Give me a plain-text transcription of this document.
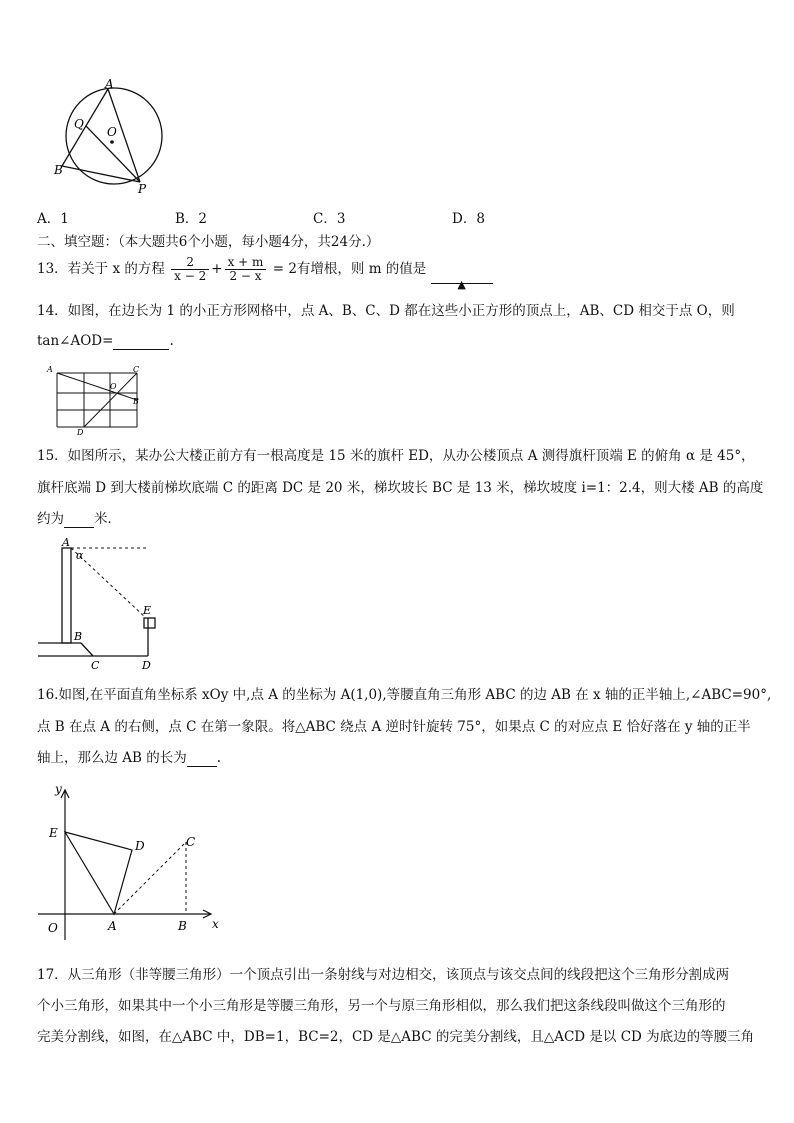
A
Q
O
B
P
A．1	B．2	C．3	D．8
二、填空题：（本大题共6个小题，每小题4分，共24分.）
13．若关于 x 的方程 $\frac{2}{x - 2} + \frac{x + m}{2 - x} = 2$有增根，则 m 的值是 ▲
14．如图，在边长为 1 的小正方形网格中，点 A、B、C、D 都在这些小正方形的顶点上，AB、CD 相交于点 O，则
tan∠AOD=	.
A	C
O
B
D
15．如图所示，某办公大楼正前方有一根高度是 15 米的旗杆 ED，从办公楼顶点 A 测得旗杆顶端 E 的俯角 α 是 45°，
旗杆底端 D 到大楼前梯坎底端 C 的距离 DC 是 20 米，梯坎坡长 BC 是 13 米，梯坎坡度 i=1：2.4，则大楼 AB 的高度
约为 米．
A
α
E
B
C	D
16.如图,在平面直角坐标系 xOy 中,点 A 的坐标为 A(1,0),等腰直角三角形 ABC 的边 AB 在 x 轴的正半轴上,∠ABC=90°,
点 B 在点 A 的右侧，点 C 在第一象限。将△ABC 绕点 A 逆时针旋转 75°，如果点 C 的对应点 E 恰好落在 y 轴的正半
轴上，那么边 AB 的长为 .
y
x
E
D	C
O	A	B
17．从三角形（非等腰三角形）一个顶点引出一条射线与对边相交，该顶点与该交点间的线段把这个三角形分割成两
个小三角形，如果其中一个小三角形是等腰三角形，另一个与原三角形相似，那么我们把这条线段叫做这个三角形的
完美分割线，如图，在△ABC 中，DB=1，BC=2，CD 是△ABC 的完美分割线，且△ACD 是以 CD 为底边的等腰三角
